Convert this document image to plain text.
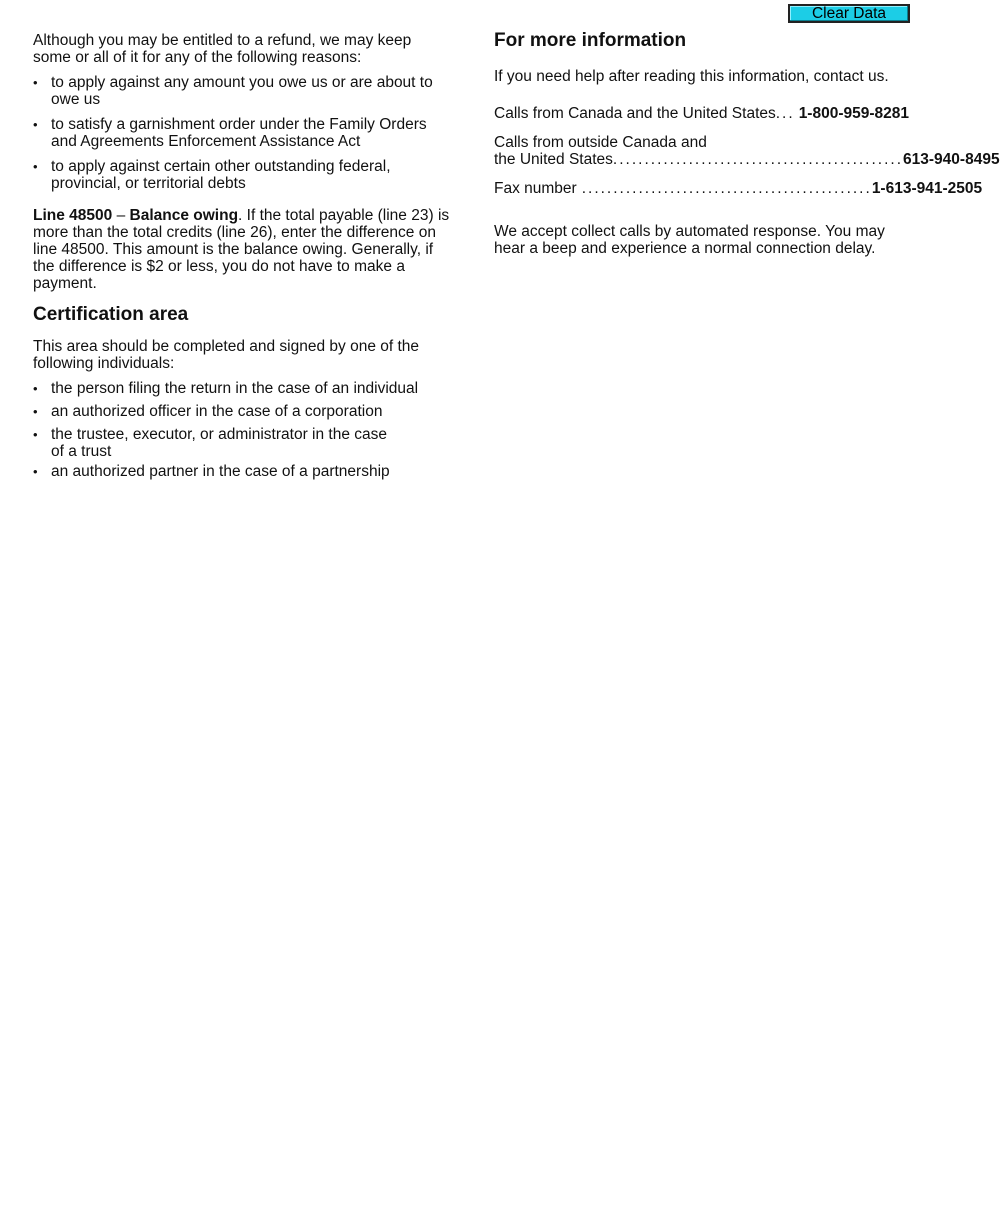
Clear Data

Although you may be entitled to a refund, we may keep some or all of it for any of the following reasons:

• to apply against any amount you owe us or are about to owe us
• to satisfy a garnishment order under the Family Orders and Agreements Enforcement Assistance Act
• to apply against certain other outstanding federal, provincial, or territorial debts

Line 48500 – Balance owing. If the total payable (line 23) is more than the total credits (line 26), enter the difference on line 48500. This amount is the balance owing. Generally, if the difference is $2 or less, you do not have to make a payment.

Certification area

This area should be completed and signed by one of the following individuals:

• the person filing the return in the case of an individual
• an authorized officer in the case of a corporation
• the trustee, executor, or administrator in the case of a trust
• an authorized partner in the case of a partnership
For more information

If you need help after reading this information, contact us.

Calls from Canada and the United States ... 1-800-959-8281
Calls from outside Canada and
the United States .............................................. 613-940-8495
Fax number .............................................. 1-613-941-2505

We accept collect calls by automated response. You may hear a beep and experience a normal connection delay.
